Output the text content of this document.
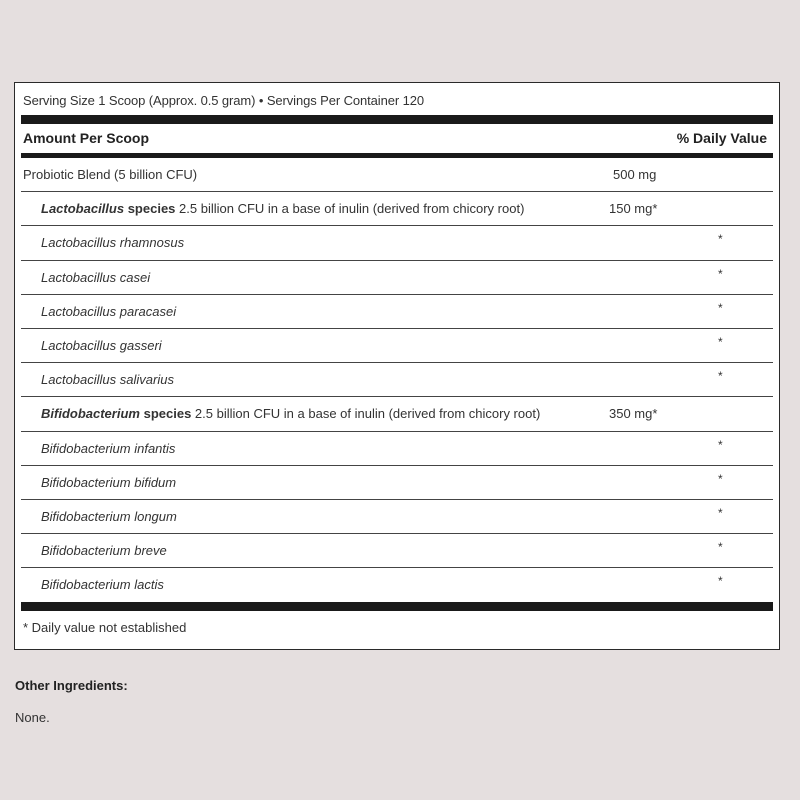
Serving Size 1 Scoop (Approx. 0.5 gram) • Servings Per Container 120
Amount Per Scoop	% Daily Value
Probiotic Blend (5 billion CFU)	500 mg
Lactobacillus species 2.5 billion CFU in a base of inulin (derived from chicory root)	150 mg*
Lactobacillus rhamnosus	*
Lactobacillus casei	*
Lactobacillus paracasei	*
Lactobacillus gasseri	*
Lactobacillus salivarius	*
Bifidobacterium species 2.5 billion CFU in a base of inulin (derived from chicory root)	350 mg*
Bifidobacterium infantis	*
Bifidobacterium bifidum	*
Bifidobacterium longum	*
Bifidobacterium breve	*
Bifidobacterium lactis	*
* Daily value not established
Other Ingredients:
None.
